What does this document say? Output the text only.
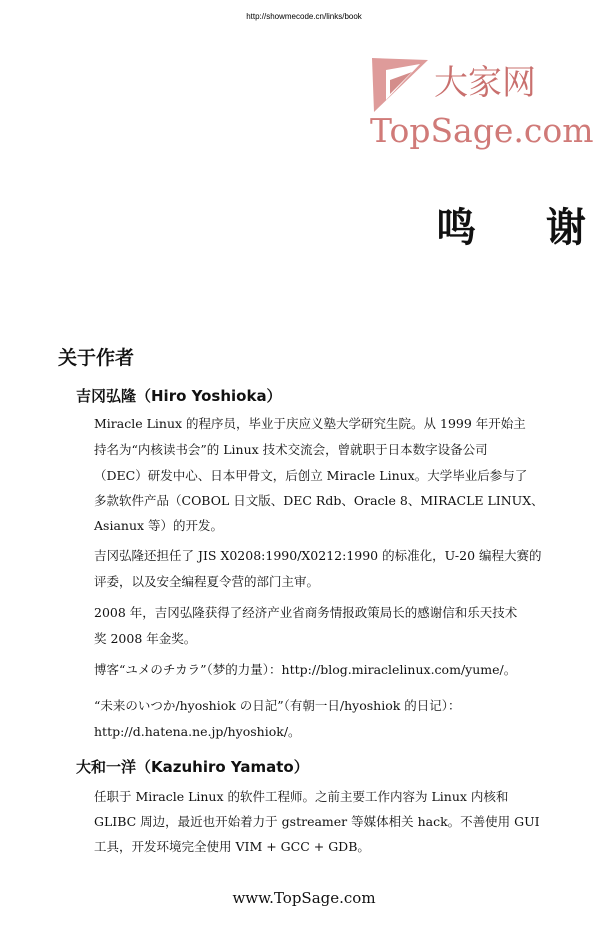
http://showmecode.cn/links/book
大家网
TopSage.com
鸣 谢
关于作者
吉冈弘隆（Hiro Yoshioka）
Miracle Linux 的程序员，毕业于庆应义塾大学研究生院。从 1999 年开始主
持名为“内核读书会”的 Linux 技术交流会，曾就职于日本数字设备公司
（DEC）研发中心、日本甲骨文，后创立 Miracle Linux。大学毕业后参与了
多款软件产品（COBOL 日文版、DEC Rdb、Oracle 8、MIRACLE LINUX、
Asianux 等）的开发。
吉冈弘隆还担任了 JIS X0208:1990/X0212:1990 的标准化，U-20 编程大赛的
评委，以及安全编程夏令营的部门主审。
2008 年，吉冈弘隆获得了经济产业省商务情报政策局长的感谢信和乐天技术
奖 2008 年金奖。
博客“ユメのチカラ”（梦的力量）：http://blog.miraclelinux.com/yume/。
“未来のいつか/hyoshiok の日記”（有朝一日/hyoshiok 的日记）：
http://d.hatena.ne.jp/hyoshiok/。
大和一洋（Kazuhiro Yamato）
任职于 Miracle Linux 的软件工程师。之前主要工作内容为 Linux 内核和
GLIBC 周边，最近也开始着力于 gstreamer 等媒体相关 hack。不善使用 GUI
工具，开发环境完全使用 VIM + GCC + GDB。
www.TopSage.com
